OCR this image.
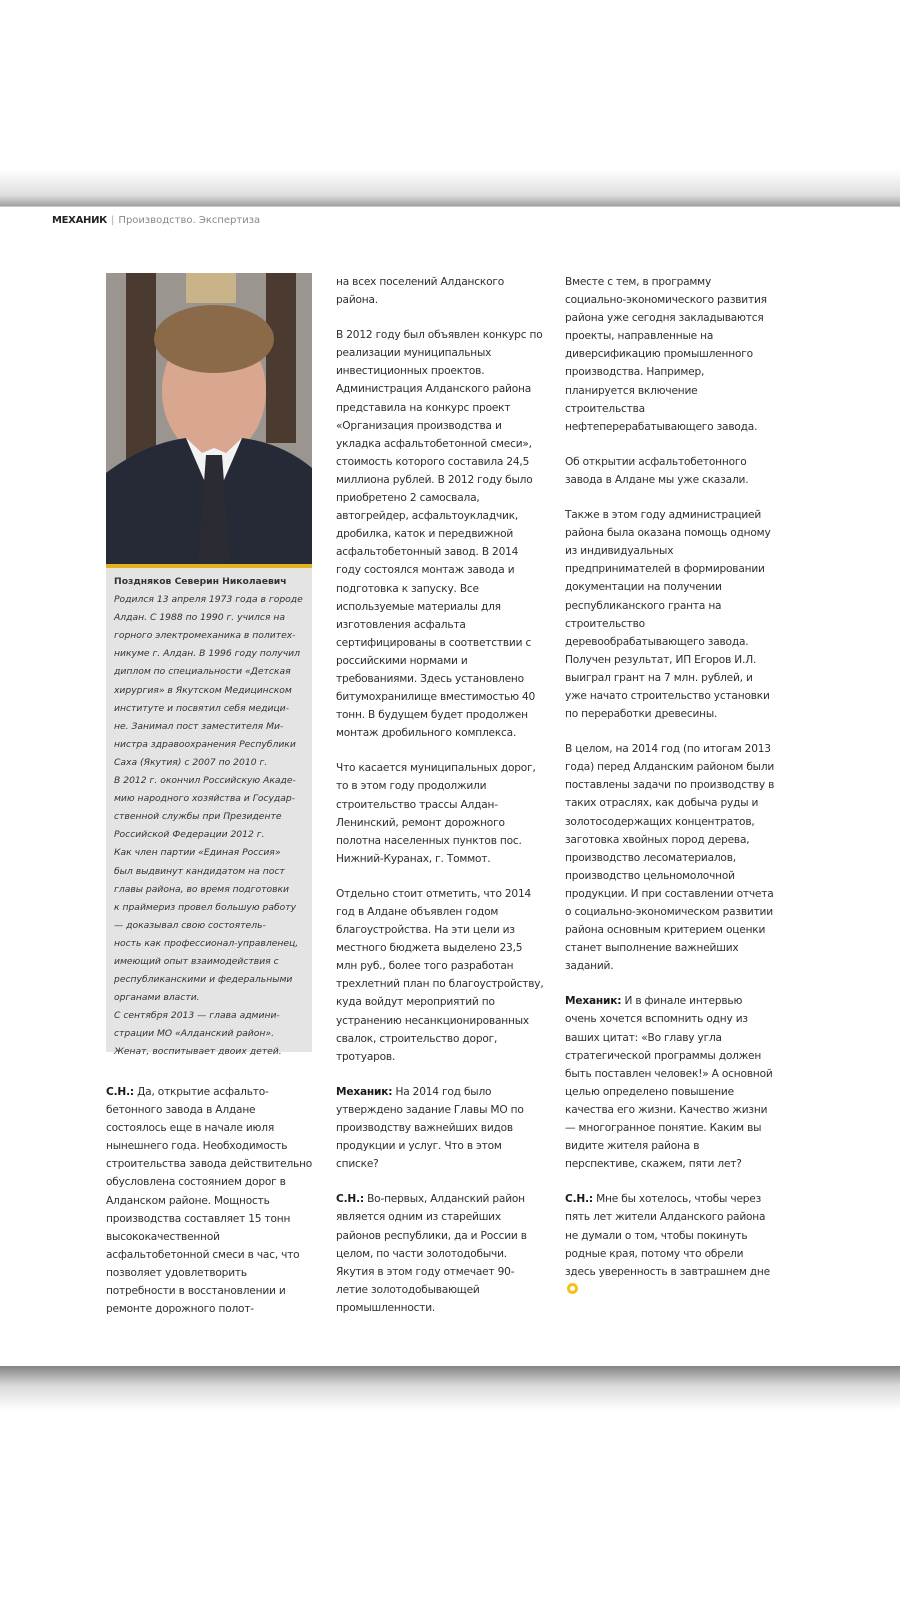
МЕХАНИК | Производство. Экспертиза
Поздняков Северин Николаевич
Родился 13 апреля 1973 года в городе
Алдан. С 1988 по 1990 г. учился на
горного электромеханика в политех-
никуме г. Алдан. В 1996 году получил
диплом по специальности «Детская
хирургия» в Якутском Медицинском
институте и посвятил себя медици-
не. Занимал пост заместителя Ми-
нистра здравоохранения Республики
Саха (Якутия) с 2007 по 2010 г.
В 2012 г. окончил Российскую Акаде-
мию народного хозяйства и Государ-
ственной службы при Президенте
Российской Федерации 2012 г.
Как член партии «Единая Россия»
был выдвинут кандидатом на пост
главы района, во время подготовки
к праймериз провел большую работу
— доказывал свою состоятель-
ность как профессионал-управленец,
имеющий опыт взаимодействия с
республиканскими и федеральными
органами власти.
С сентября 2013 — глава админи-
страции МО «Алданский район».
Женат, воспитывает двоих детей.

С.Н.: Да, открытие асфальто-бетонного завода в Алдане состоялось еще в начале июля нынешнего года. Необходимость строительства завода действительно обусловлена состоянием дорог в Алданском районе. Мощность производства составляет 15 тонн высококачественной асфальтобетонной смеси в час, что позволяет удовлетворить потребности в восстановлении и ремонте дорожного полот-

на всех поселений Алданского района.

В 2012 году был объявлен конкурс по реализации муниципальных инвестиционных проектов. Администрация Алданского района представила на конкурс проект «Организация производства и укладка асфальтобетонной смеси», стоимость которого составила 24,5 миллиона рублей. В 2012 году было приобретено 2 самосвала, автогрейдер, асфальтоукладчик, дробилка, каток и передвижной асфальтобетонный завод. В 2014 году состоялся монтаж завода и подготовка к запуску. Все используемые материалы для изготовления асфальта сертифицированы в соответствии с российскими нормами и требованиями. Здесь установлено битумохранилище вместимостью 40 тонн. В будущем будет продолжен монтаж дробильного комплекса.

Что касается муниципальных дорог, то в этом году продолжили строительство трассы Алдан-Ленинский, ремонт дорожного полотна населенных пунктов пос. Нижний-Куранах, г. Томмот.

Отдельно стоит отметить, что 2014 год в Алдане объявлен годом благоустройства. На эти цели из местного бюджета выделено 23,5 млн руб., более того разработан трехлетний план по благоустройству, куда войдут мероприятий по устранению несанкционированных свалок, строительство дорог, тротуаров.

Механик: На 2014 год было утверждено задание Главы МО по производству важнейших видов продукции и услуг. Что в этом списке?

С.Н.: Во-первых, Алданский район является одним из старейших районов республики, да и России в целом, по части золотодобычи. Якутия в этом году отмечает 90-летие золотодобывающей промышленности.

Вместе с тем, в программу социально-экономического развития района уже сегодня закладываются проекты, направленные на диверсификацию промышленного производства. Например, планируется включение строительства нефтеперерабатывающего завода.

Об открытии асфальтобетонного завода в Алдане мы уже сказали.

Также в этом году администрацией района была оказана помощь одному из индивидуальных предпринимателей в формировании документации на получении республиканского гранта на строительство деревообрабатывающего завода. Получен результат, ИП Егоров И.Л. выиграл грант на 7 млн. рублей, и уже начато строительство установки по переработки древесины.

В целом, на 2014 год (по итогам 2013 года) перед Алданским районом были поставлены задачи по производству в таких отраслях, как добыча руды и золотосодержащих концентратов, заготовка хвойных пород дерева, производство лесоматериалов, производство цельномолочной продукции. И при составлении отчета о социально-экономическом развитии района основным критерием оценки станет выполнение важнейших заданий.

Механик: И в финале интервью очень хочется вспомнить одну из ваших цитат: «Во главу угла стратегической программы должен быть поставлен человек!» А основной целью определено повышение качества его жизни. Качество жизни — многогранное понятие. Каким вы видите жителя района в перспективе, скажем, пяти лет?

С.Н.: Мне бы хотелось, чтобы через пять лет жители Алданского района не думали о том, чтобы покинуть родные края, потому что обрели здесь уверенность в завтрашнем дне
